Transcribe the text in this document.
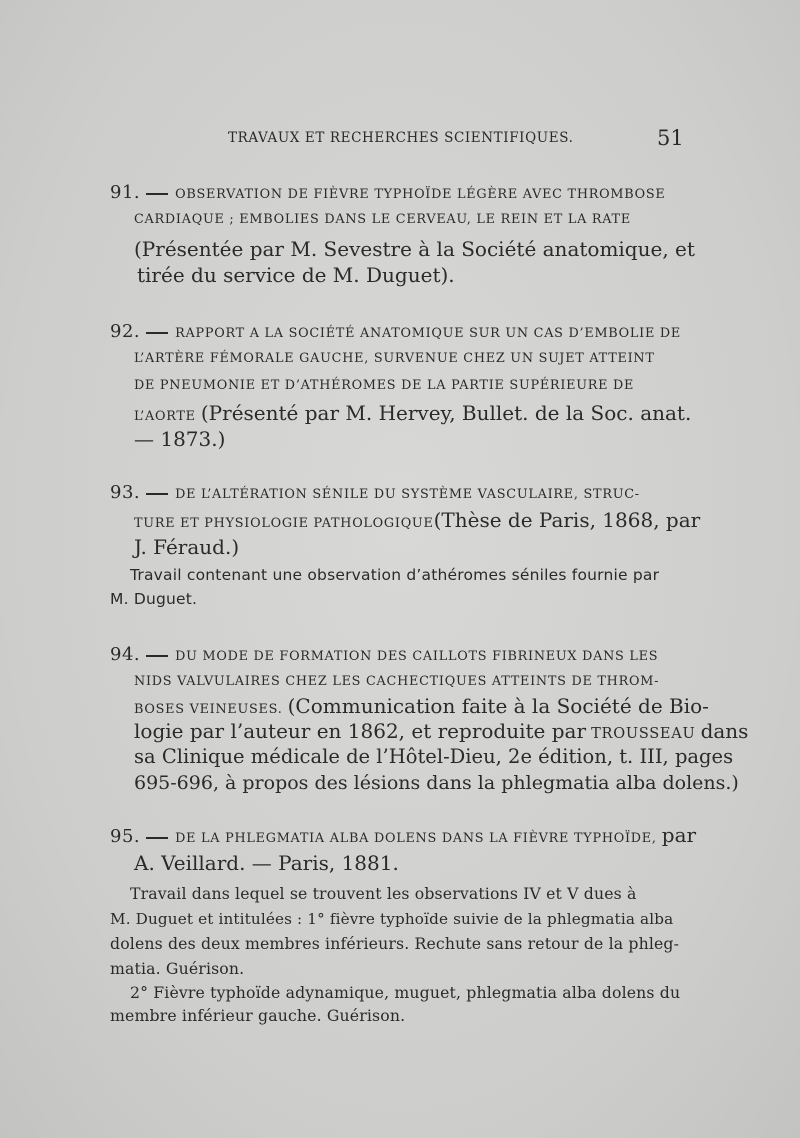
TRAVAUX ET RECHERCHES SCIENTIFIQUES.	51
91.	OBSERVATION DE FIÈVRE TYPHOÏDE LÉGÈRE AVEC THROMBOSE
CARDIAQUE ; EMBOLIES DANS LE CERVEAU, LE REIN ET LA RATE
(Présentée par M. Sevestre à la Société anatomique, et
tirée du service de M. Duguet).
92.	RAPPORT A LA SOCIÉTÉ ANATOMIQUE SUR UN CAS D’EMBOLIE DE
L’ARTÈRE FÉMORALE GAUCHE, SURVENUE CHEZ UN SUJET ATTEINT
DE PNEUMONIE ET D’ATHÉROMES DE LA PARTIE SUPÉRIEURE DE
L’AORTE (Présenté par M. Hervey, Bullet. de la Soc. anat.
— 1873.)
93.	DE L’ALTÉRATION SÉNILE DU SYSTÈME VASCULAIRE, STRUC-
TURE ET PHYSIOLOGIE PATHOLOGIQUE(Thèse de Paris, 1868, par
J. Féraud.)
Travail contenant une observation d’athéromes séniles fournie par
M. Duguet.
94.	DU MODE DE FORMATION DES CAILLOTS FIBRINEUX DANS LES
NIDS VALVULAIRES CHEZ LES CACHECTIQUES ATTEINTS DE THROM-
BOSES VEINEUSES. (Communication faite à la Société de Bio-
logie par l’auteur en 1862, et reproduite par TROUSSEAU dans
sa Clinique médicale de l’Hôtel-Dieu, 2e édition, t. III, pages
695-696, à propos des lésions dans la phlegmatia alba dolens.)
95.	DE LA PHLEGMATIA ALBA DOLENS DANS LA FIÈVRE TYPHOÏDE, par
A. Veillard. — Paris, 1881.
Travail dans lequel se trouvent les observations IV et V dues à
M. Duguet et intitulées : 1° fièvre typhoïde suivie de la phlegmatia alba
dolens des deux membres inférieurs. Rechute sans retour de la phleg-
matia. Guérison.
2° Fièvre typhoïde adynamique, muguet, phlegmatia alba dolens du
membre inférieur gauche. Guérison.
